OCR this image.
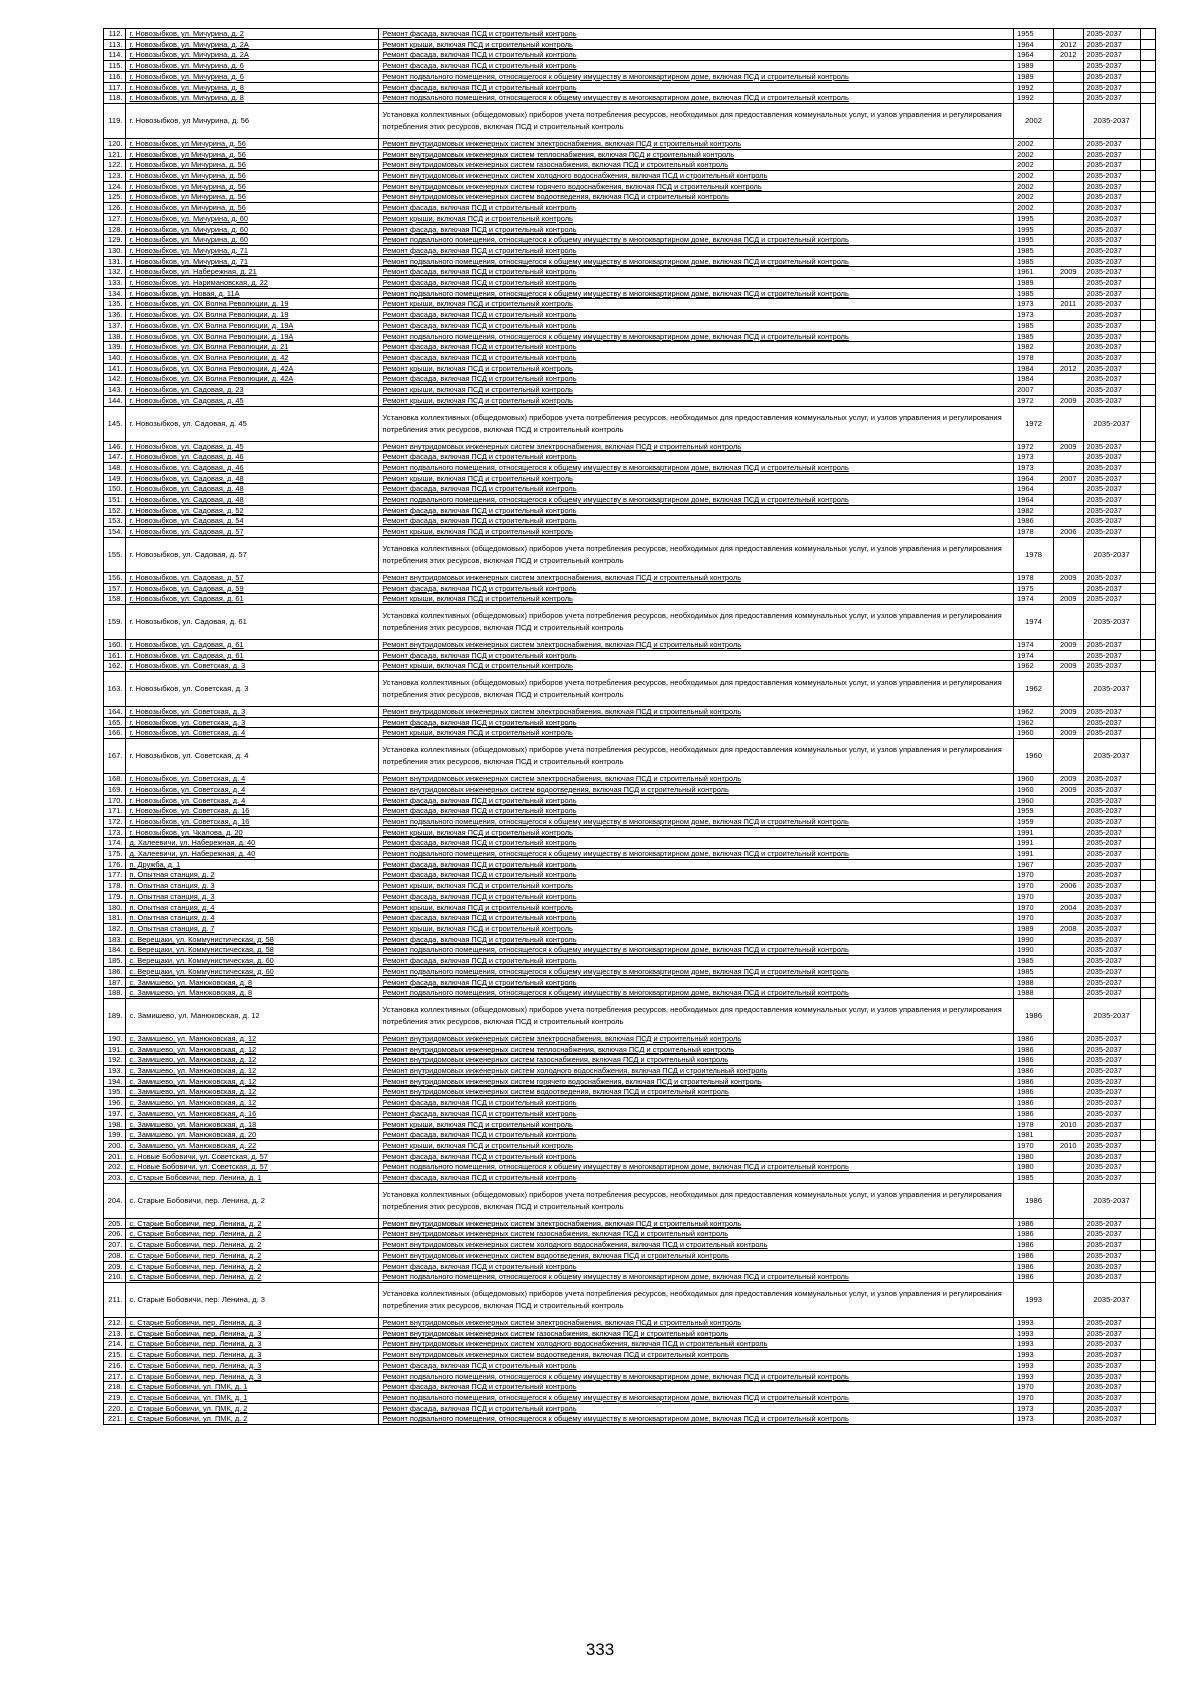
112.	г. Новозыбков, ул. Мичурина, д. 2	Ремонт фасада, включая ПСД и строительный контроль	1955		2035-2037	
113.	г. Новозыбков, ул. Мичурина, д. 2А	Ремонт крыши, включая ПСД и строительный контроль	1964	2012	2035-2037	
114.	г. Новозыбков, ул. Мичурина, д. 2А	Ремонт фасада, включая ПСД и строительный контроль	1964	2012	2035-2037	
115.	г. Новозыбков, ул. Мичурина, д. 6	Ремонт фасада, включая ПСД и строительный контроль	1989		2035-2037	
116.	г. Новозыбков, ул. Мичурина, д. 6	Ремонт подвального помещения, относящегося к общему имуществу в многоквартирном доме, включая ПСД и строительный контроль	1989		2035-2037	
117.	г. Новозыбков, ул. Мичурина, д. 8	Ремонт фасада, включая ПСД и строительный контроль	1992		2035-2037	
118.	г. Новозыбков, ул. Мичурина, д. 8	Ремонт подвального помещения, относящегося к общему имуществу в многоквартирном доме, включая ПСД и строительный контроль	1992		2035-2037	
119.	г. Новозыбков, ул Мичурина, д. 56	Установка коллективных (общедомовых) приборов учета потребления ресурсов, необходимых для предоставления коммунальных услуг, и узлов управления и регулирования потребления этих ресурсов, включая ПСД и строительный контроль	2002		2035-2037	
120.	г. Новозыбков, ул Мичурина, д. 56	Ремонт внутридомовых инженерных систем электроснабжения, включая ПСД и строительный контроль	2002		2035-2037	
121.	г. Новозыбков, ул Мичурина, д. 56	Ремонт внутридомовых инженерных систем теплоснабжения, включая ПСД и строительный контроль	2002		2035-2037	
122.	г. Новозыбков, ул Мичурина, д. 56	Ремонт внутридомовых инженерных систем газоснабжения, включая ПСД и строительный контроль	2002		2035-2037	
123.	г. Новозыбков, ул Мичурина, д. 56	Ремонт внутридомовых инженерных систем холодного водоснабжения, включая ПСД и строительный контроль	2002		2035-2037	
124.	г. Новозыбков, ул Мичурина, д. 56	Ремонт внутридомовых инженерных систем горячего водоснабжения, включая ПСД и строительный контроль	2002		2035-2037	
125.	г. Новозыбков, ул Мичурина, д. 56	Ремонт внутридомовых инженерных систем водоотведения, включая ПСД и строительный контроль	2002		2035-2037	
126.	г. Новозыбков, ул Мичурина, д. 56	Ремонт фасада, включая ПСД и строительный контроль	2002		2035-2037	
127.	г. Новозыбков, ул. Мичурина, д. 60	Ремонт крыши, включая ПСД и строительный контроль	1995		2035-2037	
128.	г. Новозыбков, ул. Мичурина, д. 60	Ремонт фасада, включая ПСД и строительный контроль	1995		2035-2037	
129.	г. Новозыбков, ул. Мичурина, д. 60	Ремонт подвального помещения, относящегося к общему имуществу в многоквартирном доме, включая ПСД и строительный контроль	1995		2035-2037	
130.	г. Новозыбков, ул. Мичурина, д. 71	Ремонт фасада, включая ПСД и строительный контроль	1985		2035-2037	
131.	г. Новозыбков, ул. Мичурина, д. 71	Ремонт подвального помещения, относящегося к общему имуществу в многоквартирном доме, включая ПСД и строительный контроль	1985		2035-2037	
132.	г. Новозыбков, ул. Набережная, д. 21	Ремонт фасада, включая ПСД и строительный контроль	1961	2009	2035-2037	
133.	г. Новозыбков, ул. Наримановская, д. 22	Ремонт фасада, включая ПСД и строительный контроль	1989		2035-2037	
134.	г. Новозыбков, ул. Новая, д. 11А	Ремонт подвального помещения, относящегося к общему имуществу в многоквартирном доме, включая ПСД и строительный контроль	1985		2035-2037	
135.	г. Новозыбков, ул. ОХ Волна Революции, д. 19	Ремонт крыши, включая ПСД и строительный контроль	1973	2011	2035-2037	
136.	г. Новозыбков, ул. ОХ Волна Революции, д. 19	Ремонт фасада, включая ПСД и строительный контроль	1973		2035-2037	
137.	г. Новозыбков, ул. ОХ Волна Революции, д. 19А	Ремонт фасада, включая ПСД и строительный контроль	1985		2035-2037	
138.	г. Новозыбков, ул. ОХ Волна Революции, д. 19А	Ремонт подвального помещения, относящегося к общему имуществу в многоквартирном доме, включая ПСД и строительный контроль	1985		2035-2037	
139.	г. Новозыбков, ул. ОХ Волна Революции, д. 21	Ремонт фасада, включая ПСД и строительный контроль	1982		2035-2037	
140.	г. Новозыбков, ул. ОХ Волна Революции, д. 42	Ремонт фасада, включая ПСД и строительный контроль	1978		2035-2037	
141.	г. Новозыбков, ул. ОХ Волна Революции, д. 42А	Ремонт крыши, включая ПСД и строительный контроль	1984	2012	2035-2037	
142.	г. Новозыбков, ул. ОХ Волна Революции, д. 42А	Ремонт фасада, включая ПСД и строительный контроль	1984		2035-2037	
143.	г. Новозыбков, ул. Садовая, д. 23	Ремонт крыши, включая ПСД и строительный контроль	2007		2035-2037	
144.	г. Новозыбков, ул. Садовая, д. 45	Ремонт крыши, включая ПСД и строительный контроль	1972	2009	2035-2037	
145.	г. Новозыбков, ул. Садовая, д. 45	Установка коллективных (общедомовых) приборов учета потребления ресурсов, необходимых для предоставления коммунальных услуг, и узлов управления и регулирования потребления этих ресурсов, включая ПСД и строительный контроль	1972		2035-2037	
146.	г. Новозыбков, ул. Садовая, д. 45	Ремонт внутридомовых инженерных систем электроснабжения, включая ПСД и строительный контроль	1972	2009	2035-2037	
147.	г. Новозыбков, ул. Садовая, д. 46	Ремонт фасада, включая ПСД и строительный контроль	1973		2035-2037	
148.	г. Новозыбков, ул. Садовая, д. 46	Ремонт подвального помещения, относящегося к общему имуществу в многоквартирном доме, включая ПСД и строительный контроль	1973		2035-2037	
149.	г. Новозыбков, ул. Садовая, д. 48	Ремонт крыши, включая ПСД и строительный контроль	1964	2007	2035-2037	
150.	г. Новозыбков, ул. Садовая, д. 48	Ремонт фасада, включая ПСД и строительный контроль	1964		2035-2037	
151.	г. Новозыбков, ул. Садовая, д. 48	Ремонт подвального помещения, относящегося к общему имуществу в многоквартирном доме, включая ПСД и строительный контроль	1964		2035-2037	
152.	г. Новозыбков, ул. Садовая, д. 52	Ремонт фасада, включая ПСД и строительный контроль	1982		2035-2037	
153.	г. Новозыбков, ул. Садовая, д. 54	Ремонт фасада, включая ПСД и строительный контроль	1986		2035-2037	
154.	г. Новозыбков, ул. Садовая, д. 57	Ремонт крыши, включая ПСД и строительный контроль	1978	2006	2035-2037	
155.	г. Новозыбков, ул. Садовая, д. 57	Установка коллективных (общедомовых) приборов учета потребления ресурсов, необходимых для предоставления коммунальных услуг, и узлов управления и регулирования потребления этих ресурсов, включая ПСД и строительный контроль	1978		2035-2037	
156.	г. Новозыбков, ул. Садовая, д. 57	Ремонт внутридомовых инженерных систем электроснабжения, включая ПСД и строительный контроль	1978	2009	2035-2037	
157.	г. Новозыбков, ул. Садовая, д. 59	Ремонт фасада, включая ПСД и строительный контроль	1975		2035-2037	
158.	г. Новозыбков, ул. Садовая, д. 61	Ремонт крыши, включая ПСД и строительный контроль	1974	2009	2035-2037	
159.	г. Новозыбков, ул. Садовая, д. 61	Установка коллективных (общедомовых) приборов учета потребления ресурсов, необходимых для предоставления коммунальных услуг, и узлов управления и регулирования потребления этих ресурсов, включая ПСД и строительный контроль	1974		2035-2037	
160.	г. Новозыбков, ул. Садовая, д. 61	Ремонт внутридомовых инженерных систем электроснабжения, включая ПСД и строительный контроль	1974	2009	2035-2037	
161.	г. Новозыбков, ул. Садовая, д. 61	Ремонт фасада, включая ПСД и строительный контроль	1974		2035-2037	
162.	г. Новозыбков, ул. Советская, д. 3	Ремонт крыши, включая ПСД и строительный контроль	1962	2009	2035-2037	
163.	г. Новозыбков, ул. Советская, д. 3	Установка коллективных (общедомовых) приборов учета потребления ресурсов, необходимых для предоставления коммунальных услуг, и узлов управления и регулирования потребления этих ресурсов, включая ПСД и строительный контроль	1962		2035-2037	
164.	г. Новозыбков, ул. Советская, д. 3	Ремонт внутридомовых инженерных систем электроснабжения, включая ПСД и строительный контроль	1962	2009	2035-2037	
165.	г. Новозыбков, ул. Советская, д. 3	Ремонт фасада, включая ПСД и строительный контроль	1962		2035-2037	
166.	г. Новозыбков, ул. Советская, д. 4	Ремонт крыши, включая ПСД и строительный контроль	1960	2009	2035-2037	
167.	г. Новозыбков, ул. Советская, д. 4	Установка коллективных (общедомовых) приборов учета потребления ресурсов, необходимых для предоставления коммунальных услуг, и узлов управления и регулирования потребления этих ресурсов, включая ПСД и строительный контроль	1960		2035-2037	
168.	г. Новозыбков, ул. Советская, д. 4	Ремонт внутридомовых инженерных систем электроснабжения, включая ПСД и строительный контроль	1960	2009	2035-2037	
169.	г. Новозыбков, ул. Советская, д. 4	Ремонт внутридомовых инженерных систем водоотведения, включая ПСД и строительный контроль	1960	2009	2035-2037	
170.	г. Новозыбков, ул. Советская, д. 4	Ремонт фасада, включая ПСД и строительный контроль	1960		2035-2037	
171.	г. Новозыбков, ул. Советская, д. 16	Ремонт фасада, включая ПСД и строительный контроль	1959		2035-2037	
172.	г. Новозыбков, ул. Советская, д. 16	Ремонт подвального помещения, относящегося к общему имуществу в многоквартирном доме, включая ПСД и строительный контроль	1959		2035-2037	
173.	г. Новозыбков, ул. Чкалова, д. 20	Ремонт крыши, включая ПСД и строительный контроль	1991		2035-2037	
174.	д. Халеевичи, ул. Набережная, д. 40	Ремонт фасада, включая ПСД и строительный контроль	1991		2035-2037	
175.	д. Халеевичи, ул. Набережная, д. 40	Ремонт подвального помещения, относящегося к общему имуществу в многоквартирном доме, включая ПСД и строительный контроль	1991		2035-2037	
176.	п. Дружба, д. 1	Ремонт фасада, включая ПСД и строительный контроль	1967		2035-2037	
177.	п. Опытная станция, д. 2	Ремонт фасада, включая ПСД и строительный контроль	1970		2035-2037	
178.	п. Опытная станция, д. 3	Ремонт крыши, включая ПСД и строительный контроль	1970	2006	2035-2037	
179.	п. Опытная станция, д. 3	Ремонт фасада, включая ПСД и строительный контроль	1970		2035-2037	
180.	п. Опытная станция, д. 4	Ремонт крыши, включая ПСД и строительный контроль	1970	2004	2035-2037	
181.	п. Опытная станция, д. 4	Ремонт фасада, включая ПСД и строительный контроль	1970		2035-2037	
182.	п. Опытная станция, д. 7	Ремонт крыши, включая ПСД и строительный контроль	1989	2008	2035-2037	
183.	с. Верещаки, ул. Коммунистическая, д. 58	Ремонт фасада, включая ПСД и строительный контроль	1990		2035-2037	
184.	с. Верещаки, ул. Коммунистическая, д. 58	Ремонт подвального помещения, относящегося к общему имуществу в многоквартирном доме, включая ПСД и строительный контроль	1990		2035-2037	
185.	с. Верещаки, ул. Коммунистическая, д. 60	Ремонт фасада, включая ПСД и строительный контроль	1985		2035-2037	
186.	с. Верещаки, ул. Коммунистическая, д. 60	Ремонт подвального помещения, относящегося к общему имуществу в многоквартирном доме, включая ПСД и строительный контроль	1985		2035-2037	
187.	с. Замишево, ул. Манюковская, д. 8	Ремонт фасада, включая ПСД и строительный контроль	1988		2035-2037	
188.	с. Замишево, ул. Манюковская, д. 8	Ремонт подвального помещения, относящегося к общему имуществу в многоквартирном доме, включая ПСД и строительный контроль	1988		2035-2037	
189.	с. Замишево, ул. Манюковская, д. 12	Установка коллективных (общедомовых) приборов учета потребления ресурсов, необходимых для предоставления коммунальных услуг, и узлов управления и регулирования потребления этих ресурсов, включая ПСД и строительный контроль	1986		2035-2037	
190.	с. Замишево, ул. Манюковская, д. 12	Ремонт внутридомовых инженерных систем электроснабжения, включая ПСД и строительный контроль	1986		2035-2037	
191.	с. Замишево, ул. Манюковская, д. 12	Ремонт внутридомовых инженерных систем теплоснабжения, включая ПСД и строительный контроль	1986		2035-2037	
192.	с. Замишево, ул. Манюковская, д. 12	Ремонт внутридомовых инженерных систем газоснабжения, включая ПСД и строительный контроль	1986		2035-2037	
193.	с. Замишево, ул. Манюковская, д. 12	Ремонт внутридомовых инженерных систем холодного водоснабжения, включая ПСД и строительный контроль	1986		2035-2037	
194.	с. Замишево, ул. Манюковская, д. 12	Ремонт внутридомовых инженерных систем горячего водоснабжения, включая ПСД и строительный контроль	1986		2035-2037	
195.	с. Замишево, ул. Манюковская, д. 12	Ремонт внутридомовых инженерных систем водоотведения, включая ПСД и строительный контроль	1986		2035-2037	
196.	с. Замишево, ул. Манюковская, д. 12	Ремонт фасада, включая ПСД и строительный контроль	1986		2035-2037	
197.	с. Замишево, ул. Манюковская, д. 16	Ремонт фасада, включая ПСД и строительный контроль	1986		2035-2037	
198.	с. Замишево, ул. Манюковская, д. 18	Ремонт крыши, включая ПСД и строительный контроль	1978	2010	2035-2037	
199.	с. Замишево, ул. Манюковская, д. 20	Ремонт фасада, включая ПСД и строительный контроль	1981		2035-2037	
200.	с. Замишево, ул. Манюковская, д. 22	Ремонт крыши, включая ПСД и строительный контроль	1970	2010	2035-2037	
201.	с. Новые Бобовичи, ул. Советская, д. 57	Ремонт фасада, включая ПСД и строительный контроль	1980		2035-2037	
202.	с. Новые Бобовичи, ул. Советская, д. 57	Ремонт подвального помещения, относящегося к общему имуществу в многоквартирном доме, включая ПСД и строительный контроль	1980		2035-2037	
203.	с. Старые Бобовичи, пер. Ленина, д. 1	Ремонт фасада, включая ПСД и строительный контроль	1985		2035-2037	
204.	с. Старые Бобовичи, пер. Ленина, д. 2	Установка коллективных (общедомовых) приборов учета потребления ресурсов, необходимых для предоставления коммунальных услуг, и узлов управления и регулирования потребления этих ресурсов, включая ПСД и строительный контроль	1986		2035-2037	
205.	с. Старые Бобовичи, пер. Ленина, д. 2	Ремонт внутридомовых инженерных систем электроснабжения, включая ПСД и строительный контроль	1986		2035-2037	
206.	с. Старые Бобовичи, пер. Ленина, д. 2	Ремонт внутридомовых инженерных систем газоснабжения, включая ПСД и строительный контроль	1986		2035-2037	
207.	с. Старые Бобовичи, пер. Ленина, д. 2	Ремонт внутридомовых инженерных систем холодного водоснабжения, включая ПСД и строительный контроль	1986		2035-2037	
208.	с. Старые Бобовичи, пер. Ленина, д. 2	Ремонт внутридомовых инженерных систем водоотведения, включая ПСД и строительный контроль	1986		2035-2037	
209.	с. Старые Бобовичи, пер. Ленина, д. 2	Ремонт фасада, включая ПСД и строительный контроль	1986		2035-2037	
210.	с. Старые Бобовичи, пер. Ленина, д. 2	Ремонт подвального помещения, относящегося к общему имуществу в многоквартирном доме, включая ПСД и строительный контроль	1986		2035-2037	
211.	с. Старые Бобовичи, пер. Ленина, д. 3	Установка коллективных (общедомовых) приборов учета потребления ресурсов, необходимых для предоставления коммунальных услуг, и узлов управления и регулирования потребления этих ресурсов, включая ПСД и строительный контроль	1993		2035-2037	
212.	с. Старые Бобовичи, пер. Ленина, д. 3	Ремонт внутридомовых инженерных систем электроснабжения, включая ПСД и строительный контроль	1993		2035-2037	
213.	с. Старые Бобовичи, пер. Ленина, д. 3	Ремонт внутридомовых инженерных систем газоснабжения, включая ПСД и строительный контроль	1993		2035-2037	
214.	с. Старые Бобовичи, пер. Ленина, д. 3	Ремонт внутридомовых инженерных систем холодного водоснабжения, включая ПСД и строительный контроль	1993		2035-2037	
215.	с. Старые Бобовичи, пер. Ленина, д. 3	Ремонт внутридомовых инженерных систем водоотведения, включая ПСД и строительный контроль	1993		2035-2037	
216.	с. Старые Бобовичи, пер. Ленина, д. 3	Ремонт фасада, включая ПСД и строительный контроль	1993		2035-2037	
217.	с. Старые Бобовичи, пер. Ленина, д. 3	Ремонт подвального помещения, относящегося к общему имуществу в многоквартирном доме, включая ПСД и строительный контроль	1993		2035-2037	
218.	с. Старые Бобовичи, ул. ПМК, д. 1	Ремонт фасада, включая ПСД и строительный контроль	1970		2035-2037	
219.	с. Старые Бобовичи, ул. ПМК, д. 1	Ремонт подвального помещения, относящегося к общему имуществу в многоквартирном доме, включая ПСД и строительный контроль	1970		2035-2037	
220.	с. Старые Бобовичи, ул. ПМК, д. 2	Ремонт фасада, включая ПСД и строительный контроль	1973		2035-2037	
221.	с. Старые Бобовичи, ул. ПМК, д. 2	Ремонт подвального помещения, относящегося к общему имуществу в многоквартирном доме, включая ПСД и строительный контроль	1973		2035-2037	
333
